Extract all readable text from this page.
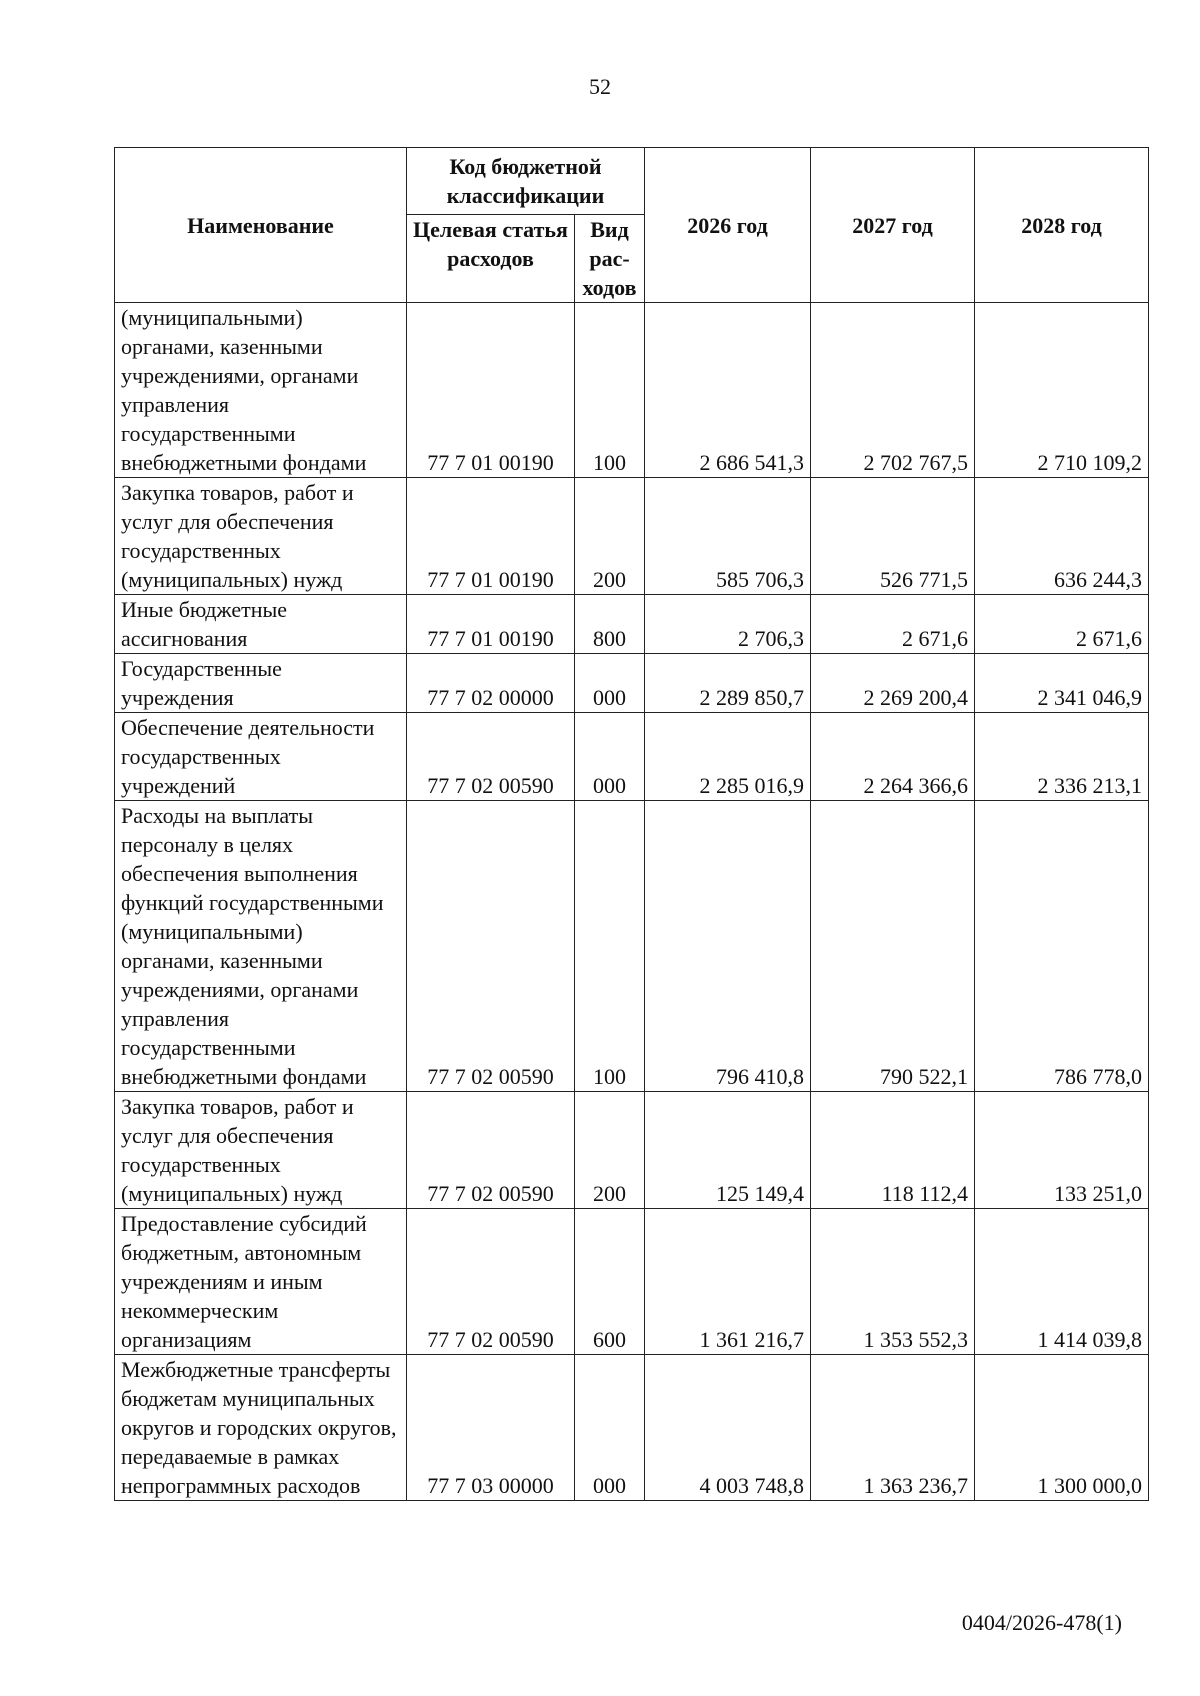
52
Наименование	Код бюджетной классификации		2026 год	2027 год	2028 год
	Целевая статья расходов	Вид рас-ходов			
(муниципальными) органами, казенными учреждениями, органами управления государственными внебюджетными фондами	77 7 01 00190	100	2 686 541,3	2 702 767,5	2 710 109,2
Закупка товаров, работ и услуг для обеспечения государственных (муниципальных) нужд	77 7 01 00190	200	585 706,3	526 771,5	636 244,3
Иные бюджетные ассигнования	77 7 01 00190	800	2 706,3	2 671,6	2 671,6
Государственные учреждения	77 7 02 00000	000	2 289 850,7	2 269 200,4	2 341 046,9
Обеспечение деятельности государственных учреждений	77 7 02 00590	000	2 285 016,9	2 264 366,6	2 336 213,1
Расходы на выплаты персоналу в целях обеспечения выполнения функций государственными (муниципальными) органами, казенными учреждениями, органами управления государственными внебюджетными фондами	77 7 02 00590	100	796 410,8	790 522,1	786 778,0
Закупка товаров, работ и услуг для обеспечения государственных (муниципальных) нужд	77 7 02 00590	200	125 149,4	118 112,4	133 251,0
Предоставление субсидий бюджетным, автономным учреждениям и иным некоммерческим организациям	77 7 02 00590	600	1 361 216,7	1 353 552,3	1 414 039,8
Межбюджетные трансферты бюджетам муниципальных округов и городских округов, передаваемые в рамках непрограммных расходов	77 7 03 00000	000	4 003 748,8	1 363 236,7	1 300 000,0
0404/2026-478(1)
